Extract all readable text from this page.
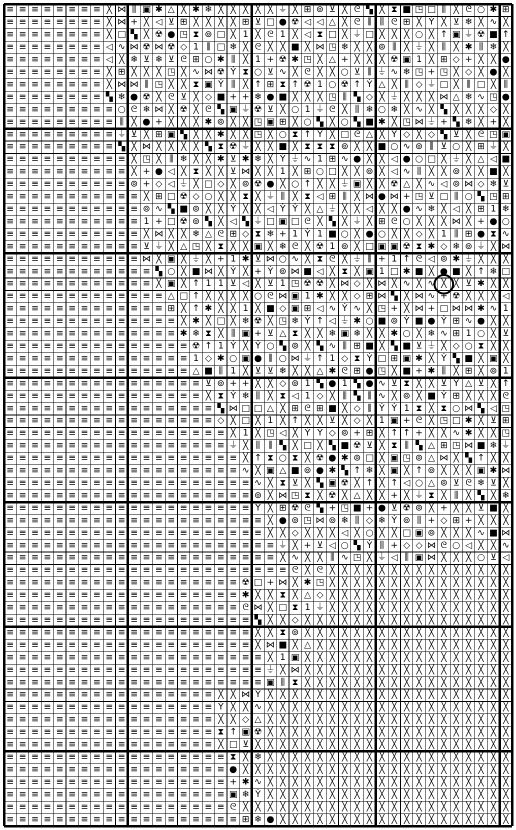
≡ ≡ ≡ ≡ ≡ ≡ ≡ ≡ ╳ ⋈ ⫼ ▣ ✱ △ ╳ ✱ ❄ ╳ ╳ ╳ ╳ ╳ ⏚ ╳ ⊞ ⊚ ⊻ ╳ ᘓ ▚ ╳ ⧗ ■ ◳ □ ⫼ ╳ ᘓ ○ ✱ ⊞
≡ ≡ ≡ ≡ ≡ ≡ ≡ ≡ ╳ ⋈ + ╳ ◁ ⊻ ⊞ ╳ ╳ ╳ ╳ ⊞ ⊻ □ ● ☢ ◁ ◁ △ ╳ ᘓ ⫼ ⫼ ᘓ ⊞ ╳ Ẏ ╳ ⊻ ❄ ╳ ∿ ╳
≡ ≡ ≡ ≡ ≡ ≡ ≡ ≡ ╳ □ ▚ ╳ ☢ ● ◳ ⧗ ⊚ □ ╳ 1 ╳ ᘓ 1 ╳ ◁ ⧗ □ ╳ ⏚ □ ╳ ╳ ╳ ○ ╳ ↑ ▣ ⏚ ☢ ■ ↑
≡ ≡ ≡ ≡ ≡ ≡ ≡ ≡ ◁ ∿ ⋈ ☢ ⋈ ☢ ◇ 1 ⫼ □ ❄ ╳ ᘓ ╳ ╳ ■ ╳ ⋈ ◳ ❄ ╳ ╳ ⊚ ⫼ ╳ ⏚ ╳ ⫼ ╳ ✱ ⫼ ❄ ╳
≡ ≡ ≡ ≡ ≡ ≡ ≡ ≡ ◁ ╳ ❄ ⊻ ❄ ⊻ ᘓ ⊞ ○ ✱ ⫼ ╳ 1 + ☢ ✱ ◳ ╳ △ + ╳ ╳ ╳ ☢ ▣ 1 ╳ ⊞ ◇ + ╳ ╳ ●
≡ ≡ ≡ ≡ ≡ ≡ ≡ ≡ ╳ ⊞ ╳ ╳ ╳ ◳ ╳ ∿ ⋈ ☢ Ẏ ⧗ ○ ⊻ ∿ ╳ ᘓ ╳ ╳ ○ ⊻ ⫼ ⏚ ∿ ❄ ◳ + ◳ ╳ ◇ ╳ ● ╳
≡ ≡ ≡ ≡ ≡ ≡ ≡ ≡ ╳ ⋈ ⋈ ⫼ ◳ ╳ ╳ ⧗ ▣ Ẏ ⫼ ╳ ↑ ⊞ ⧗ ↑ ☢ 1 ○ ☢ ↑ Ẏ △ ╳ ⫼ ◇ ⏚ □ ╳ ⫼ □ ╳ ⫼
≡ ≡ ≡ ≡ ≡ ≡ ≡ ≡ ▚ ❄ ● ☢ ╳ ᘓ ⊻ ╳ ◇ ■ + + ❄ ● ■ ╳ ╳ ╳ ◳ ⫼ ▚ ◇ ╳ ⏚ ╳ ╳ ╳ ⋈ △ ❄ ∿ ◳ ●
≡ ≡ ≡ ≡ ≡ ≡ ≡ ≡ ≡ ○ ᘓ ❄ ⋈ ╳ ☢ ╳ ᘓ ▚ ▣ ⏚ ☢ ⊻ ╳ ○ 1 ⏚ ᘓ ╳ ⫼ ❄ ○ ❄ ╳ ∿ ╳ ▚ ╳ ╳ ╳ ◇ ╳
≡ ≡ ≡ ≡ ≡ ≡ ≡ ≡ ≡ ⫼ ╳ ● + ╳ ╳ ╳ ✱ ⊚ ╳ ╳ ◳ ▣ ⊞ ╳ ○ ▚ ╳ ○ ▚ ■ ✱ ╳ ◳ ⋈ ⏚ + ▚ ❄ ╳ + ╳
≡ ≡ ≡ ≡ ≡ ≡ ≡ ≡ ≡ ⏚ ⊻ ╳ ⊞ ▣ ▚ ╳ ╳ ✱ ╳ ╳ ◳ ╳ ○ ⧗ ↑ Ẏ ╳ □ ᘓ △ ╳ Ẏ ◇ ╳ ◇ ▚ ⊻ ╳ ᘓ ◳ ▣
≡ ≡ ≡ ≡ ≡ ≡ ≡ ≡ ≡ ▚ ╳ ⋈ ╳ ╳ ╳ ╳ ▚ ⧗ ☢ ⏚ ╳ ╳ ■ ╳ ⧗ ⧗ ⧗ ⊚ ╳ ╳ ■ ○ ∿ ⊚ ⫼ ⊻ ○ ╳ ⊞ ⏚ ╳
≡ ≡ ≡ ≡ ≡ ≡ ≡ ≡ ≡ ≡ ╳ ◳ ╳ ⫼ ❄ ╳ ╳ ✱ ⊻ ✱ ❄ ╳ Ẏ ⏚ ∿ 1 ⊞ ∿ ● ╳ ╳ ◁ ● ○ □ ╳ ⏚ ╳ △ ◁ ■
≡ ≡ ≡ ≡ ≡ ≡ ≡ ≡ ≡ ≡ ╳ + ● ◁ ╳ ⧗ ╳ ╳ ⊻ ⋈ ╳ ╳ 1 ╳ ⊞ ○ □ ╳ ╳ ⊚ ╳ ◁ ∿ ⫼ ╳ ╳ ⊚ ╳ ╳ ■ ╳
≡ ≡ ≡ ≡ ≡ ≡ ≡ ≡ ≡ ≡ ⊚ + ◇ ◁ ⏚ ╳ □ ◇ ╳ ⊚ ☢ ● ╳ ○ ↑ ╳ ╳ ⏚ ▣ ╳ ╳ ☢ △ ╳ ∿ ◁ ⊚ ⋈ ◇ ❄ ⊻
≡ ≡ ≡ ≡ ≡ ≡ ≡ ≡ ≡ ≡ ≡ ╳ ⊞ □ ☢ ◇ ○ ╳ ╳ ⧗ ╳ ⏚ ⫼ ╳ ⧗ ◁ ⊞ ⫼ ╳ ⋈ ● ⋈ + ◳ ⊻ □ ⫼ ○ ▚ ◳ ⊞
≡ ≡ ≡ ≡ ≡ ≡ ≡ ≡ ≡ ≡ ≡ ⊚ ∿ ▚ ■ ⊚ ╳ ╳ Ẏ ╳ ╳ ◁ Ẏ Ẏ ╳ △ ⏚ ╳ ╳ ◁ ╳ ╳ ● ∿ ❄ ╳ ◁ ╳ ⊞ 1 ❄
≡ ≡ ≡ ≡ ≡ ≡ ≡ ≡ ≡ ≡ ≡ 1 + □ ☢ ⊚ ▚ ╳ ◁ ▚ ⏚ □ ▣ □ ᘓ ╳ ▚ ╳ ⏚ ╳ ⊞ ᘓ ○ ╳ ╳ ╳ ⋈ ╳ + ● ○
≡ ≡ ≡ ≡ ≡ ≡ ≡ ≡ ≡ ≡ ≡ ╳ ⋈ ╳ ╳ ❄ △ ᘓ ⊞ ◇ ⧗ ❄ + 1 Ẏ 1 ■ ○ ╳ ● ○ ╳ ╳ ◇ ╳ 1 ⫼ ⊞ ● ⧗ ∿
≡ ≡ ≡ ≡ ≡ ≡ ≡ ≡ ≡ ≡ ≡ ⊻ ⏚ ╳ △ ◳ ╳ ⧗ ╳ ╳ ▣ ╳ ❄ ᘓ ╳ ☢ 1 ⊚ ╳ □ ▣ ▣ ☢ ⧗ ✱ ◇ ❄ ⊚ ⏚ ╳ ⋈
≡ ≡ ≡ ≡ ≡ ≡ ≡ ≡ ≡ ≡ ≡ ⋈ ╳ ▣ ╳ ⏚ ╳ + 1 ✱ ⊻ ⋈ ○ ∿ ╳ ⧗ ᘓ ╳ ⏚ ⫼ + 1 ↑ ᘓ ◁ ⊚ ✱ ⏚ ╳ ╳ ╳
≡ ≡ ≡ ≡ ≡ ≡ ≡ ≡ ≡ ≡ ≡ ≡ ▚ ○ ╳ ■ ⋈ ╳ Ẏ ╳ + Ẏ ⊚ ⋈ ■ ◁ ╳ ⧗ ╳ ▣ 1 □ ✱ ■ ╳ ● ■ ╳ ↑ ❄ □
≡ ≡ ≡ ≡ ≡ ≡ ≡ ≡ ≡ ≡ ≡ ≡ ╳ ▣ ╳ ↑ 1 1 ⊻ ◁ ╳ ⊻ 1 ◳ ☢ ☢ ╳ ⋈ ◇ ╳ ⋈ ╳ ∿ ╳ ∿ ╳ ╳ ⊻ ✱ ╳ ╳
≡ ≡ ≡ ≡ ≡ ≡ ≡ ≡ ≡ ≡ ≡ ≡ ≡ △ □ ↑ ╳ ╳ ╳ ╳ ○ ᘓ ⋈ ▣ 1 ✱ ╳ ╳ ◇ ⊞ ⋈ ▚ ╳ ⋈ ∿ + ☢ ╳ ╳ ╳ ◁
≡ ≡ ≡ ≡ ≡ ≡ ≡ ≡ ≡ ≡ ≡ ≡ ≡ ⊞ ╳ ↑ ✱ ╳ ╳ 1 ╳ ■ ◇ ▣ ⊞ ◁ ∿ Ẏ ∿ ╳ ◳ + ╳ ⋈ + □ ⋈ ⋈ ✱ ∿ 1
≡ ≡ ≡ ≡ ≡ ≡ ≡ ≡ ≡ ≡ ≡ ≡ ≡ ≡ ╳ ✱ ╳ □ ╳ ❄ ☢ ╳ ◳ ❄ Ẏ ↑ ◁ ⏚ ✱ ○ ■ ⊚ Ẏ ■ ● Ẏ ⊞ ∿ ● ╳ ╳
≡ ≡ ≡ ≡ ≡ ≡ ≡ ≡ ≡ ≡ ≡ ≡ ≡ ≡ ✱ ❄ ⧗ ╳ ⫼ ▣ + ⊻ △ ⧗ ╳ ╳ ❄ ▣ ❄ ╳ ╳ ✱ ○ ╳ ❄ ∿ ⊞ 1 ○ ╳ ⊻
≡ ≡ ≡ ≡ ≡ ≡ ≡ ≡ ≡ ≡ ≡ ≡ ≡ ≡ ≡ ☢ ↑ 1 Ẏ ╳ Ẏ ○ ▚ ⊚ ╳ ▚ ∿ ⫼ ⊞ ■ ╳ ▚ ■ ⊻ ⏚ ╳ ◇ ○ ⧗ ╳ ╳
≡ ≡ ≡ ≡ ≡ ≡ ≡ ≡ ≡ ≡ ≡ ≡ ≡ ≡ ≡ 1 ◇ ✱ ○ ▣ ● ⫼ ○ ⋈ ⏚ ↑ 1 ◇ ⧗ Ẏ □ ⊞ ▣ ✱ ╳ Ẏ ▚ ■ ╳ ▣ ╳
≡ ≡ ≡ ≡ ≡ ≡ ≡ ≡ ≡ ≡ ≡ ≡ ≡ ≡ ≡ △ ■ ⫼ 1 ╳ ⊻ ⊻ ❄ ╳ ╳ △ ✱ ᘓ ⊞ ● ◳ ╳ ■ + ✱ ⫼ ╳ ⊞ ╳ ⊚ 1
≡ ≡ ≡ ≡ ≡ ≡ ≡ ≡ ≡ ≡ ≡ ≡ ≡ ≡ ≡ ≡ ⊻ ⊚ + + ╳ ╳ ◇ ⊚ 1 ▚ ● 1 ▚ ● ∿ ⊻ ⧗ ╳ ╳ ⊻ Ẏ △ ⊻ ╳ ↑
≡ ≡ ≡ ≡ ≡ ≡ ≡ ≡ ≡ ≡ ≡ ≡ ≡ ≡ ≡ ≡ ╳ ⧗ Ẏ ❄ ⫼ ╳ ⧗ ◁ 1 ◇ ╳ ⫼ ▚ ⫼ ∿ ╳ ⊚ ╳ ■ Ẏ ⊞ ╳ ╳ ╳ ᘓ
≡ ≡ ≡ ≡ ≡ ≡ ≡ ≡ ≡ ≡ ≡ ≡ ≡ ≡ ≡ ≡ ≡ ▚ ⋈ □ □ △ ╳ ⊞ ᘓ ⊞ ■ ╳ ◇ ⫼ Ẏ Ẏ 1 ⧗ ╳ ⧗ ○ ⋈ ▚ ◁ ◳
≡ ≡ ≡ ≡ ≡ ≡ ≡ ≡ ≡ ≡ ≡ ≡ ≡ ≡ ≡ ≡ ≡ ◇ ╳ □ ╳ 1 ╳ ↑ ╳ ╳ ⊻ ╳ ◇ ╳ 1 ▣ + ᘓ ╳ ◳ □ ✱ ╳ ⊻ ⊞
≡ ≡ ≡ ≡ ≡ ≡ ≡ ≡ ≡ ≡ ≡ ≡ ≡ ≡ ≡ ≡ ≡ ≡ ╳ 1 ╳ ◳ ◁ ╳ Ẏ Ẏ ◇ ⊚ + ⊞ ╳ ↑ ↑ + ╳ ╳ ∿ ✱ ╳ ╳ ◳
≡ ≡ ≡ ≡ ≡ ≡ ≡ ≡ ≡ ≡ ≡ ≡ ≡ ≡ ≡ ≡ ≡ ≡ ⏚ ╳ ⫼ ⫼ ▚ ╳ □ ╳ ▚ ■ ☢ ⊻ ╳ ⧗ ⫼ ▚ △ ⊞ ◳ ⋈ ■ ❄ ⏚
≡ ≡ ≡ ≡ ≡ ≡ ≡ ≡ ≡ ≡ ≡ ≡ ≡ ≡ ≡ ≡ ≡ ≡ ≡ ╳ ↑ ⧗ ○ ⧗ ╳ ☢ ● ✱ ⊚ □ ╳ ▣ ◳ ⊚ △ ⋈ ╳ ▚ ↑ ╳ ╳
≡ ≡ ≡ ≡ ≡ ≡ ≡ ≡ ≡ ≡ ≡ ≡ ≡ ≡ ≡ ≡ ≡ ≡ ≡ ∿ ╳ ▣ △ ■ ⊚ ● ✱ ▚ ↑ ❄ ╳ ▣ ╳ ↑ ⊚ ╳ ╳ ╳ ▣ ✱ ⋈
≡ ≡ ≡ ≡ ≡ ≡ ≡ ≡ ≡ ≡ ≡ ≡ ≡ ≡ ≡ ≡ ≡ ≡ ≡ ≡ ∿ ╳ ⧗ ⊻ ╳ ▚ ▣ ☢ ╳ ↑ ╳ ↑ ◁ ○ △ ⊚ ⊻ ᘓ ❄ ⊻ ╳
≡ ≡ ≡ ≡ ≡ ≡ ≡ ≡ ≡ ≡ ≡ ≡ ≡ ≡ ≡ ≡ ≡ ≡ ≡ ≡ ⊚ ╳ ⋈ ◳ ⧗ ╳ ☢ ╳ △ ╳ ╳ + ╳ ⏚ ⧗ ╳ ⫼ ╳ ▚ ╳ ❄
≡ ≡ ≡ ≡ ≡ ≡ ≡ ≡ ≡ ≡ ≡ ≡ ≡ ≡ ≡ ≡ ≡ ≡ ≡ ≡ Ẏ ╳ ⊞ ☢ ᘓ ▚ + ◳ ■ + ● ⊻ ☢ ⊚ ╳ + ╳ ╳ ⊻ ■ ╳
≡ ≡ ≡ ≡ ≡ ≡ ≡ ≡ ≡ ≡ ≡ ≡ ≡ ≡ ≡ ≡ ≡ ≡ ≡ ≡ ≡ ╳ ● ⊚ ◳ ⋈ ⊚ ❄ ⫼ ◇ ❄ Ẏ ⊚ ⫼ + ◇ ⊞ + ╳ ╳ ╳
≡ ≡ ≡ ≡ ≡ ≡ ≡ ≡ ≡ ≡ ≡ ≡ ≡ ≡ ≡ ≡ ≡ ≡ ≡ ≡ ≡ ╳ ╳ ◇ ╳ ╳ ╳ ◁ ╳ ○ ╳ ╳ □ ▣ ⊚ ╳ ╳ ╳ ∿ ■ ⋈
≡ ≡ ≡ ≡ ≡ ≡ ≡ ≡ ≡ ≡ ≡ ≡ ≡ ≡ ≡ ≡ ≡ ≡ ≡ ≡ ≡ ≡ ⏚ ╳ + ⊻ ◁ ○ ▚ Ẏ ⫼ + ◇ ◇ ⋈ ᘓ ○ ◁ ╳ ╳ ∿
≡ ≡ ≡ ≡ ≡ ≡ ≡ ≡ ≡ ≡ ≡ ≡ ≡ ≡ ≡ ≡ ≡ ≡ ≡ ≡ ≡ ≡ ╳ ∿ ╳ ╳ ⫼ ∿ ◳ ╳ ⏚ ◁ ⫼ ▣ ⋈ ╳ ╳ ╳ ○ ⊻ ◁
≡ ≡ ≡ ≡ ≡ ≡ ≡ ≡ ≡ ≡ ≡ ≡ ≡ ≡ ≡ ≡ ≡ ≡ ≡ ≡ ≡ ≡ ≡ ᘓ ╳ ᘓ ╳ ╳ ╳ ╳ ╳ ╳ ╳ ╳ ╳ ╳ ╳ ╳ ╳ ╳ ╳
≡ ≡ ≡ ≡ ≡ ≡ ≡ ≡ ≡ ≡ ≡ ≡ ≡ ≡ ≡ ≡ ≡ ≡ ≡ ☢ □ + ⋈ ╳ ✱ ◳ ╳ ╳ ╳ ╳ ╳ ╳ ╳ ╳ ╳ ╳ ╳ ╳ ╳ ╳ ╳
≡ ≡ ≡ ≡ ≡ ≡ ≡ ≡ ≡ ≡ ≡ ≡ ≡ ≡ ≡ ≡ ≡ ≡ ≡ ✱ ╳ ╳ ⧗ ╳ △ ◇ ╳ ╳ ╳ ╳ ╳ ╳ ╳ ╳ ╳ ╳ ╳ ╳ ╳ ╳ ╳
≡ ≡ ≡ ≡ ≡ ≡ ≡ ≡ ≡ ≡ ≡ ≡ ≡ ≡ ≡ ≡ ≡ ≡ ≡ ᘓ ⋈ ╳ □ ⧗ 1 ⏚ ╳ ╳ ╳ ╳ ╳ ╳ ╳ ╳ ╳ ╳ ╳ ╳ ╳ ╳ ╳
≡ ≡ ≡ ≡ ≡ ≡ ≡ ≡ ≡ ≡ ≡ ≡ ≡ ≡ ≡ ≡ ≡ ≡ ≡ ≡ ▚ ╳ ╳ ◇ ╳ ╳ ╳ ╳ ╳ ╳ ╳ ╳ ╳ ╳ ╳ ╳ ╳ ╳ ╳ ╳ ╳
≡ ≡ ≡ ≡ ≡ ≡ ≡ ≡ ≡ ≡ ≡ ≡ ≡ ≡ ≡ ≡ ≡ ≡ ≡ ≡ ╳ ╳ ⧗ ⊚ ╳ ╳ ╳ ╳ ╳ ╳ ╳ ╳ ╳ ╳ ╳ ╳ ╳ ╳ ╳ ╳ ╳
≡ ≡ ≡ ≡ ≡ ≡ ≡ ≡ ≡ ≡ ≡ ≡ ≡ ≡ ≡ ≡ ≡ ≡ ≡ ≡ ╳ ⋈ ■ ╳ △ ╳ ╳ ╳ ╳ ╳ ╳ ╳ ╳ ╳ ╳ ╳ ╳ ╳ ╳ ╳ ╳
≡ ≡ ≡ ≡ ≡ ≡ ≡ ≡ ≡ ≡ ≡ ≡ ≡ ≡ ≡ ≡ ≡ ≡ ≡ ≡ ≡ ╳ 1 ▣ ╳ ╳ ╳ ╳ ╳ ╳ ╳ ╳ ╳ ╳ ╳ ╳ ╳ ╳ ╳ ╳ ╳
≡ ≡ ≡ ≡ ≡ ≡ ≡ ≡ ≡ ≡ ≡ ≡ ≡ ≡ ≡ ≡ ≡ ≡ ≡ ≡ ≡ ⏚ ╳ ⋈ ╳ ╳ ╳ ╳ ╳ ╳ ╳ ╳ ╳ ╳ ╳ ╳ ╳ ╳ ╳ ╳ ╳
≡ ≡ ≡ ≡ ≡ ≡ ≡ ≡ ≡ ≡ ≡ ≡ ≡ ≡ ≡ ≡ ≡ ≡ ≡ ≡ ≡ ▣ ⫼ ⧗ ╳ ╳ ╳ ╳ ╳ ╳ ╳ ╳ ╳ ╳ ╳ ╳ ╳ ╳ ╳ ╳ ╳
≡ ≡ ≡ ≡ ≡ ≡ ≡ ≡ ≡ ≡ ≡ ≡ ≡ ≡ ≡ ≡ ≡ ╳ ╳ ⋈ Ẏ ╳ ╳ ╳ ╳ ╳ ╳ ╳ ╳ ╳ ╳ ╳ ╳ ╳ ╳ ╳ ╳ ╳ ╳ ╳ ╳
≡ ≡ ≡ ≡ ≡ ≡ ≡ ≡ ≡ ≡ ≡ ≡ ≡ ≡ ≡ ≡ ≡ Ẏ ╳ ╳ ∿ ╳ ╳ ╳ ╳ ╳ ╳ ╳ ╳ ╳ ╳ ╳ ╳ ╳ ╳ ╳ ╳ ╳ ╳ ╳ ╳
≡ ≡ ≡ ≡ ≡ ≡ ≡ ≡ ≡ ≡ ≡ ≡ ≡ ≡ ≡ ≡ ≡ ╳ ╳ ◇ △ ╳ ╳ ╳ ╳ ╳ ╳ ╳ ╳ ╳ ╳ ╳ ╳ ╳ ╳ ╳ ╳ ╳ ╳ ╳ ╳
≡ ≡ ≡ ≡ ≡ ≡ ≡ ≡ ≡ ≡ ≡ ≡ ≡ ≡ ≡ ≡ ≡ ⧗ ↑ ▣ ☢ ╳ ╳ ╳ ╳ ╳ ╳ ╳ ╳ ╳ ╳ ╳ ╳ ╳ ╳ ╳ ╳ ╳ ╳ ╳ ╳
≡ ≡ ≡ ≡ ≡ ≡ ≡ ≡ ≡ ≡ ≡ ≡ ≡ ≡ ≡ ≡ ≡ ╳ □ ⊻ ╳ ╳ ╳ ╳ ╳ ╳ ╳ ╳ ╳ ╳ ╳ ╳ ╳ ╳ ╳ ╳ ╳ ╳ ╳ ╳ ╳
≡ ≡ ≡ ≡ ≡ ≡ ≡ ≡ ≡ ≡ ≡ ≡ ≡ ≡ ≡ ≡ ≡ ≡ ⧗ ╳ ❄ ╳ ╳ ╳ ╳ ╳ ╳ ╳ ╳ ╳ ╳ ╳ ╳ ╳ ╳ ╳ ╳ ╳ ╳ ╳ ╳
≡ ≡ ≡ ≡ ≡ ≡ ≡ ≡ ≡ ≡ ≡ ≡ ≡ ≡ ≡ ≡ ≡ ≡ ● ╳ ╳ ╳ ╳ ╳ ╳ ╳ ╳ ╳ ╳ ╳ ╳ ╳ ╳ ╳ ╳ ╳ ╳ ╳ ╳ ╳ ╳
≡ ≡ ≡ ≡ ≡ ≡ ≡ ≡ ≡ ≡ ≡ ≡ ≡ ≡ ≡ ≡ ≡ ≡ + ✱ ∿ ╳ ╳ ╳ ╳ ╳ ╳ ╳ ╳ ╳ ╳ ╳ ╳ ╳ ╳ ╳ ╳ ╳ ╳ ╳ ╳
≡ ≡ ≡ ≡ ≡ ≡ ≡ ≡ ≡ ≡ ≡ ≡ ≡ ≡ ≡ ≡ ≡ ≡ ▣ ❄ Ẏ ╳ ╳ ╳ ╳ ╳ ╳ ╳ ╳ ╳ ╳ ╳ ╳ ╳ ╳ ╳ ╳ ╳ ╳ ╳ ╳
≡ ≡ ≡ ≡ ≡ ≡ ≡ ≡ ≡ ≡ ≡ ≡ ≡ ≡ ≡ ≡ ≡ ≡ ᘓ ╳ ╳ ╳ ╳ ╳ ╳ ╳ ╳ ╳ ╳ ╳ ╳ ╳ ╳ ╳ ╳ ╳ ╳ ╳ ╳ ╳ ╳
≡ ≡ ≡ ≡ ≡ ≡ ≡ ≡ ≡ ≡ ≡ ≡ ≡ ≡ ≡ ≡ ≡ ≡ ≡ ⊞ ❄ ● ╳ ╳ ╳ ╳ ╳ ╳ ╳ ╳ ╳ ╳ ╳ ╳ ╳ ╳ ╳ ╳ ╳ ╳ ╳
